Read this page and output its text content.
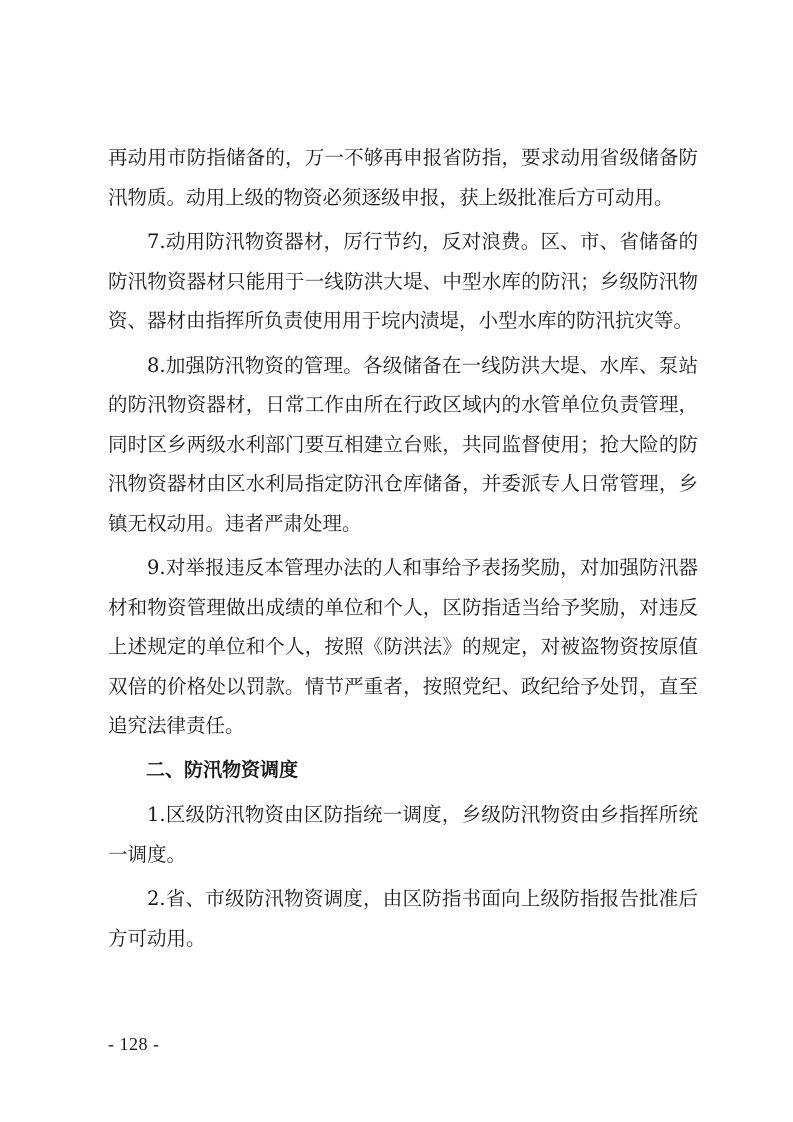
再动用市防指储备的，万一不够再申报省防指，要求动用省级储备防汛物质。动用上级的物资必须逐级申报，获上级批准后方可动用。

7.动用防汛物资器材，厉行节约，反对浪费。区、市、省储备的防汛物资器材只能用于一线防洪大堤、中型水库的防汛；乡级防汛物资、器材由指挥所负责使用用于垸内渍堤，小型水库的防汛抗灾等。

8.加强防汛物资的管理。各级储备在一线防洪大堤、水库、泵站的防汛物资器材，日常工作由所在行政区域内的水管单位负责管理，同时区乡两级水利部门要互相建立台账，共同监督使用；抢大险的防汛物资器材由区水利局指定防汛仓库储备，并委派专人日常管理，乡镇无权动用。违者严肃处理。

9.对举报违反本管理办法的人和事给予表扬奖励，对加强防汛器材和物资管理做出成绩的单位和个人，区防指适当给予奖励，对违反上述规定的单位和个人，按照《防洪法》的规定，对被盗物资按原值双倍的价格处以罚款。情节严重者，按照党纪、政纪给予处罚，直至追究法律责任。

二、防汛物资调度

1.区级防汛物资由区防指统一调度，乡级防汛物资由乡指挥所统一调度。

2.省、市级防汛物资调度，由区防指书面向上级防指报告批准后方可动用。

- 128 -
